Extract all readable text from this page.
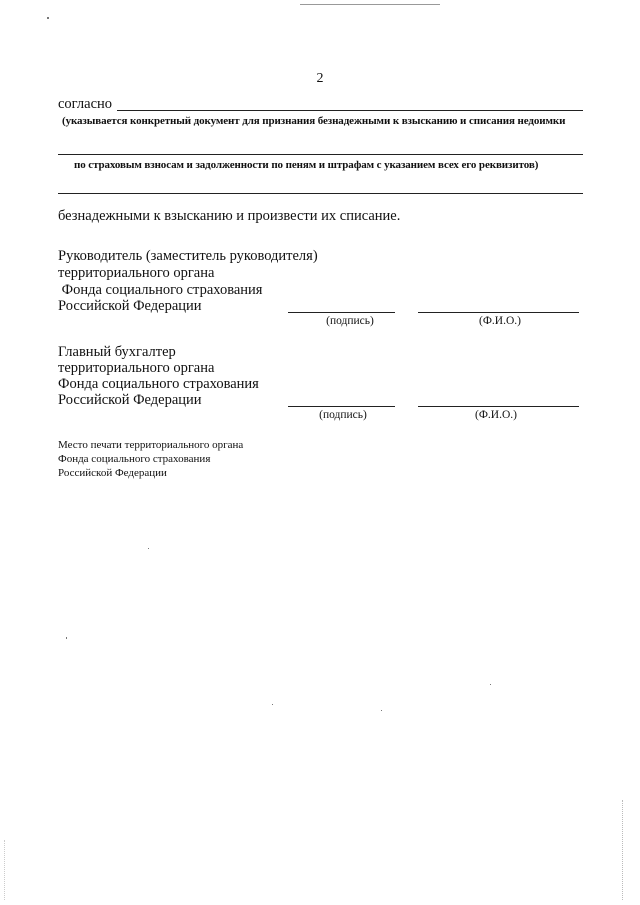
2
согласно
(указывается конкретный документ для признания безнадежными к взысканию и списания недоимки
по страховым взносам и задолженности по пеням и штрафам с указанием всех его реквизитов)
безнадежными к взысканию и произвести их списание.
Руководитель (заместитель руководителя)
территориального органа
Фонда социального страхования
Российской Федерации
(подпись)	(Ф.И.О.)
Главный бухгалтер
территориального органа
Фонда социального страхования
Российской Федерации
(подпись)	(Ф.И.О.)
Место печати территориального органа
Фонда социального страхования
Российской Федерации
